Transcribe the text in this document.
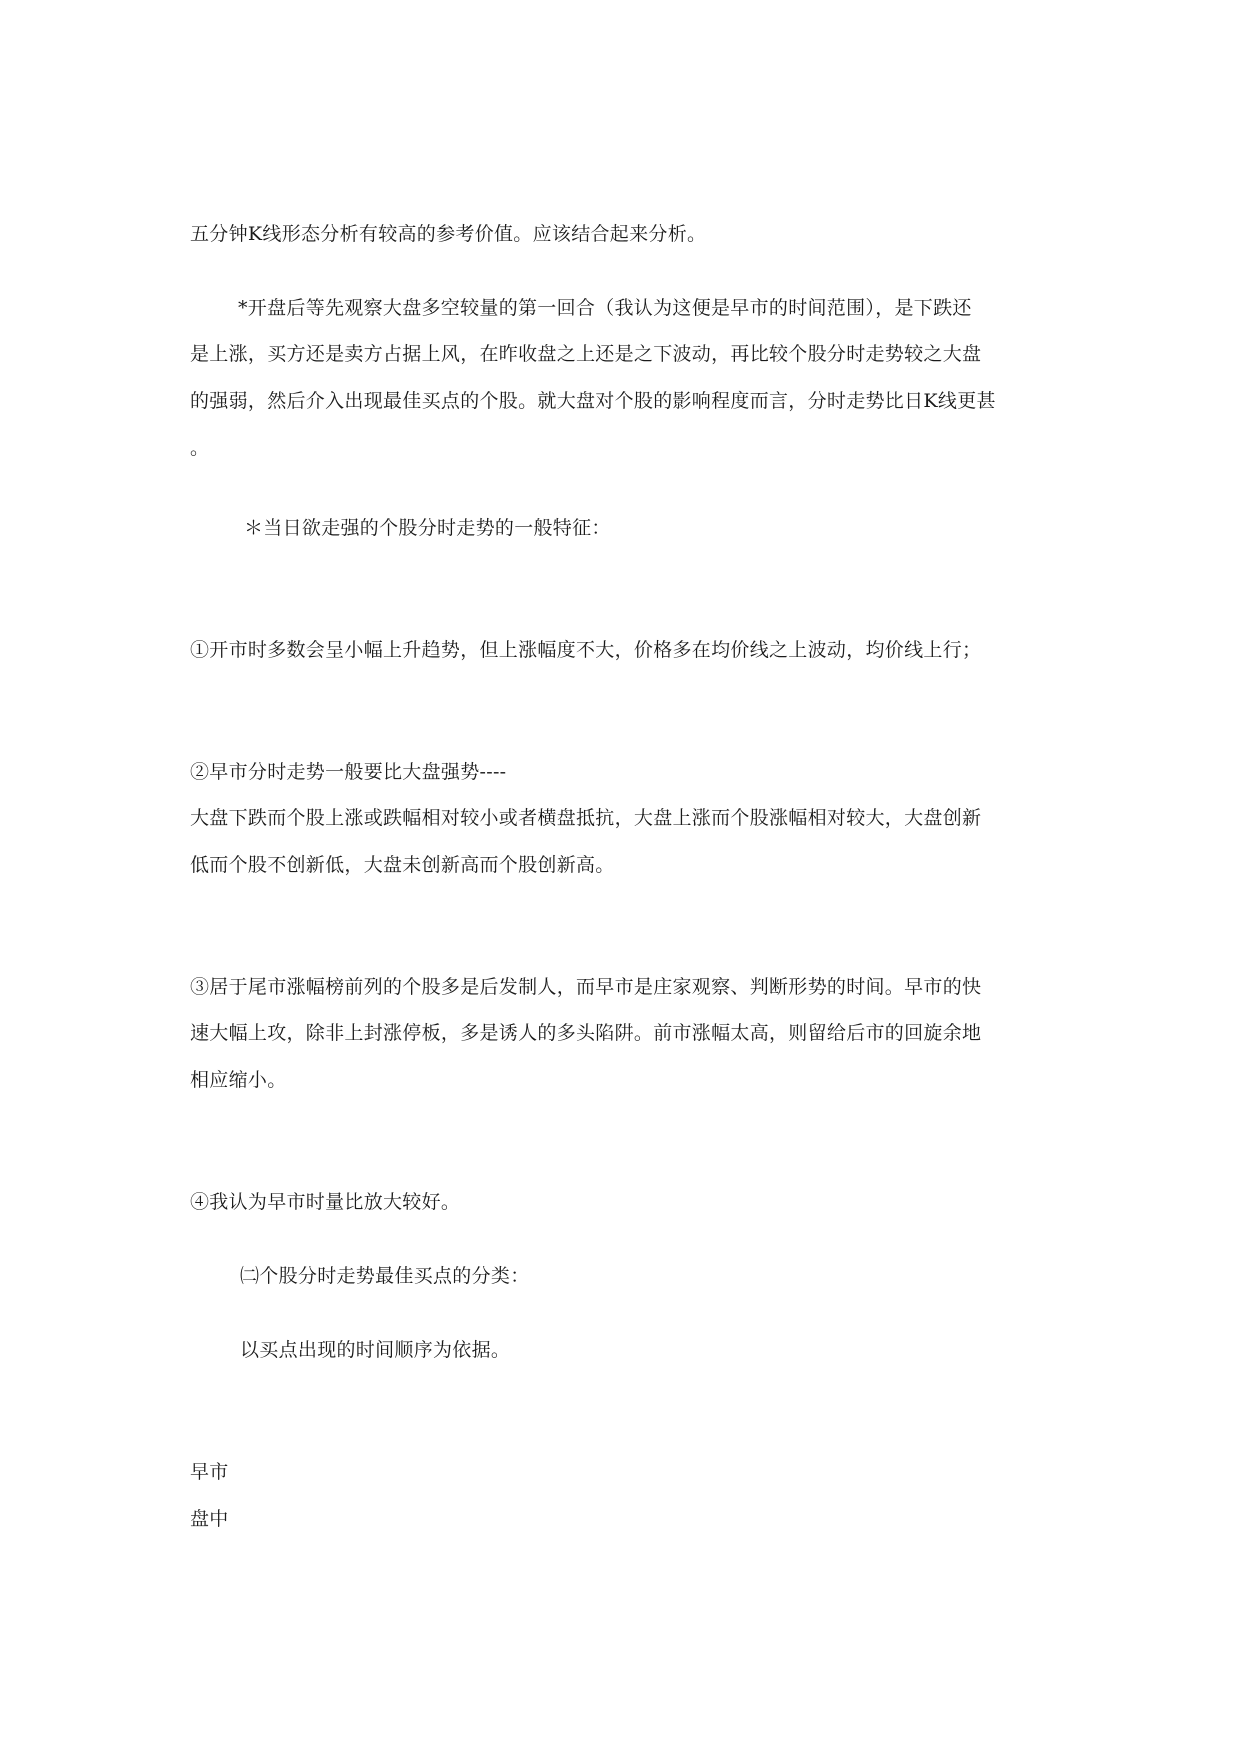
五分钟K线形态分析有较高的参考价值。应该结合起来分析。
*开盘后等先观察大盘多空较量的第一回合（我认为这便是早市的时间范围），是下跌还
是上涨，买方还是卖方占据上风，在昨收盘之上还是之下波动，再比较个股分时走势较之大盘
的强弱，然后介入出现最佳买点的个股。就大盘对个股的影响程度而言，分时走势比日K线更甚
。
＊当日欲走强的个股分时走势的一般特征：
①开市时多数会呈小幅上升趋势，但上涨幅度不大，价格多在均价线之上波动，均价线上行；
②早市分时走势一般要比大盘强势----
大盘下跌而个股上涨或跌幅相对较小或者横盘抵抗，大盘上涨而个股涨幅相对较大，大盘创新
低而个股不创新低，大盘未创新高而个股创新高。
③居于尾市涨幅榜前列的个股多是后发制人，而早市是庄家观察、判断形势的时间。早市的快
速大幅上攻，除非上封涨停板，多是诱人的多头陷阱。前市涨幅太高，则留给后市的回旋余地
相应缩小。
④我认为早市时量比放大较好。
㈡个股分时走势最佳买点的分类：
以买点出现的时间顺序为依据。
早市
盘中
